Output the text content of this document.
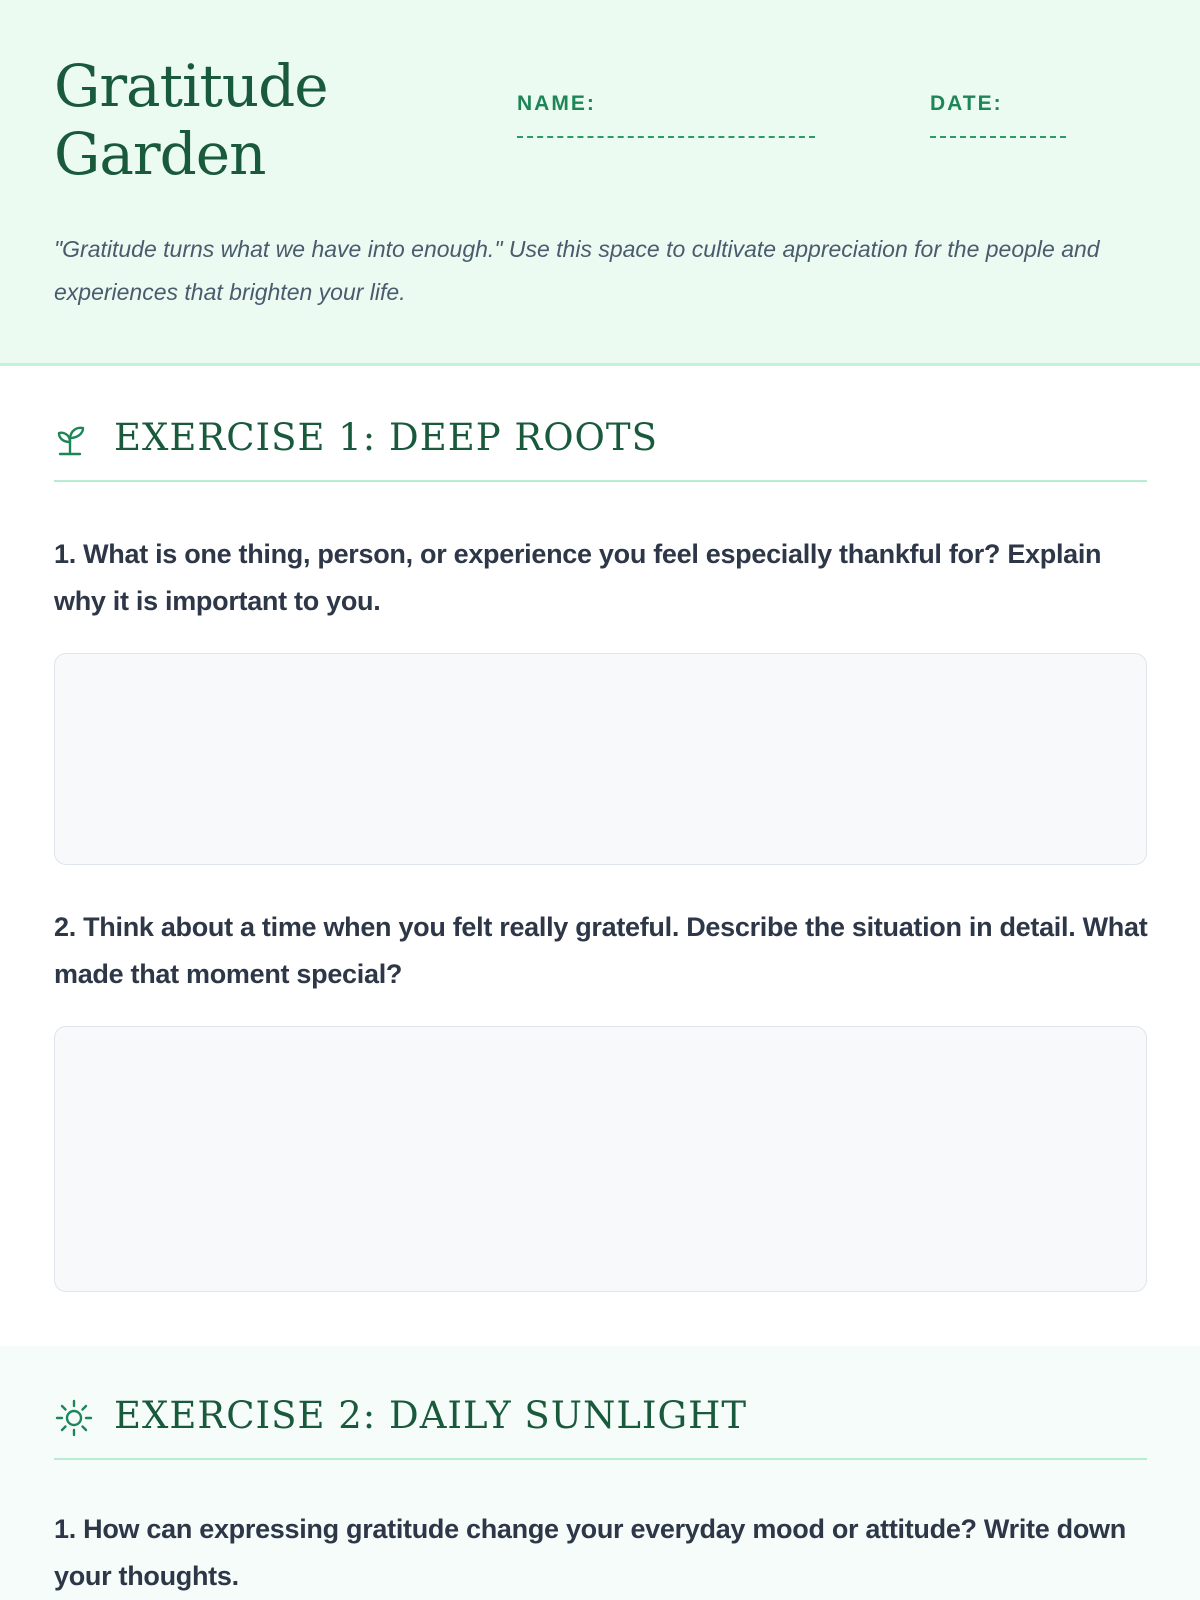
Gratitude
Garden
NAME:	DATE:

"Gratitude turns what we have into enough." Use this space to cultivate appreciation for the people and experiences that brighten your life.

EXERCISE 1: DEEP ROOTS

1. What is one thing, person, or experience you feel especially thankful for? Explain why it is important to you.

2. Think about a time when you felt really grateful. Describe the situation in detail. What made that moment special?

EXERCISE 2: DAILY SUNLIGHT

1. How can expressing gratitude change your everyday mood or attitude? Write down your thoughts.
